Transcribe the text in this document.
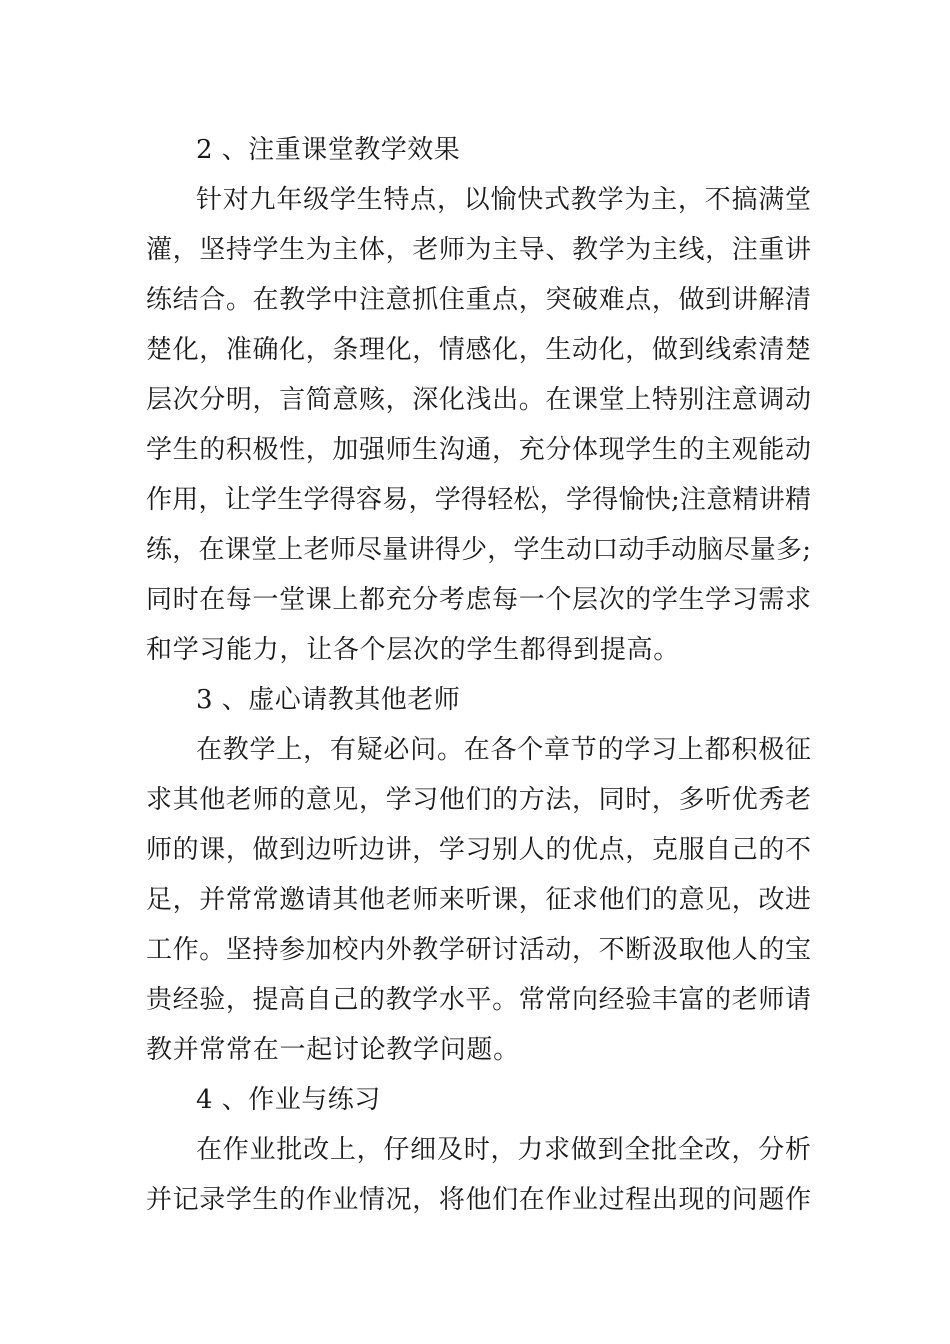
2 、注重课堂教学效果
针对九年级学生特点，以愉快式教学为主，不搞满堂
灌，坚持学生为主体，老师为主导、教学为主线，注重讲
练结合。在教学中注意抓住重点，突破难点，做到讲解清
楚化，准确化，条理化，情感化，生动化，做到线索清楚
层次分明，言简意赅，深化浅出。在课堂上特别注意调动
学生的积极性，加强师生沟通，充分体现学生的主观能动
作用，让学生学得容易，学得轻松，学得愉快;注意精讲精
练，在课堂上老师尽量讲得少，学生动口动手动脑尽量多;
同时在每一堂课上都充分考虑每一个层次的学生学习需求
和学习能力，让各个层次的学生都得到提高。
3 、虚心请教其他老师
在教学上，有疑必问。在各个章节的学习上都积极征
求其他老师的意见，学习他们的方法，同时，多听优秀老
师的课，做到边听边讲，学习别人的优点，克服自己的不
足，并常常邀请其他老师来听课，征求他们的意见，改进
工作。坚持参加校内外教学研讨活动，不断汲取他人的宝
贵经验，提高自己的教学水平。常常向经验丰富的老师请
教并常常在一起讨论教学问题。
4 、作业与练习
在作业批改上，仔细及时，力求做到全批全改，分析
并记录学生的作业情况，将他们在作业过程出现的问题作
